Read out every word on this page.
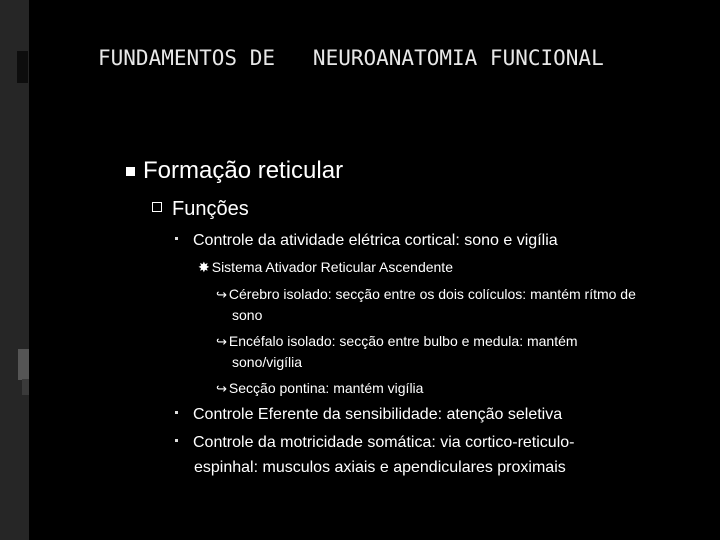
FUNDAMENTOS DE   NEUROANATOMIA FUNCIONAL
Formação reticular
Funções
Controle da atividade elétrica cortical: sono e vigília
✸ Sistema Ativador Reticular Ascendente
↪ Cérebro isolado: secção entre os dois colículos: mantém rítmo de
sono
↪ Encéfalo isolado: secção entre bulbo e medula: mantém
sono/vigília
↪ Secção pontina: mantém vigília
Controle Eferente da sensibilidade: atenção seletiva
Controle da motricidade somática: via cortico-reticulo-
espinhal: musculos axiais e apendiculares proximais
